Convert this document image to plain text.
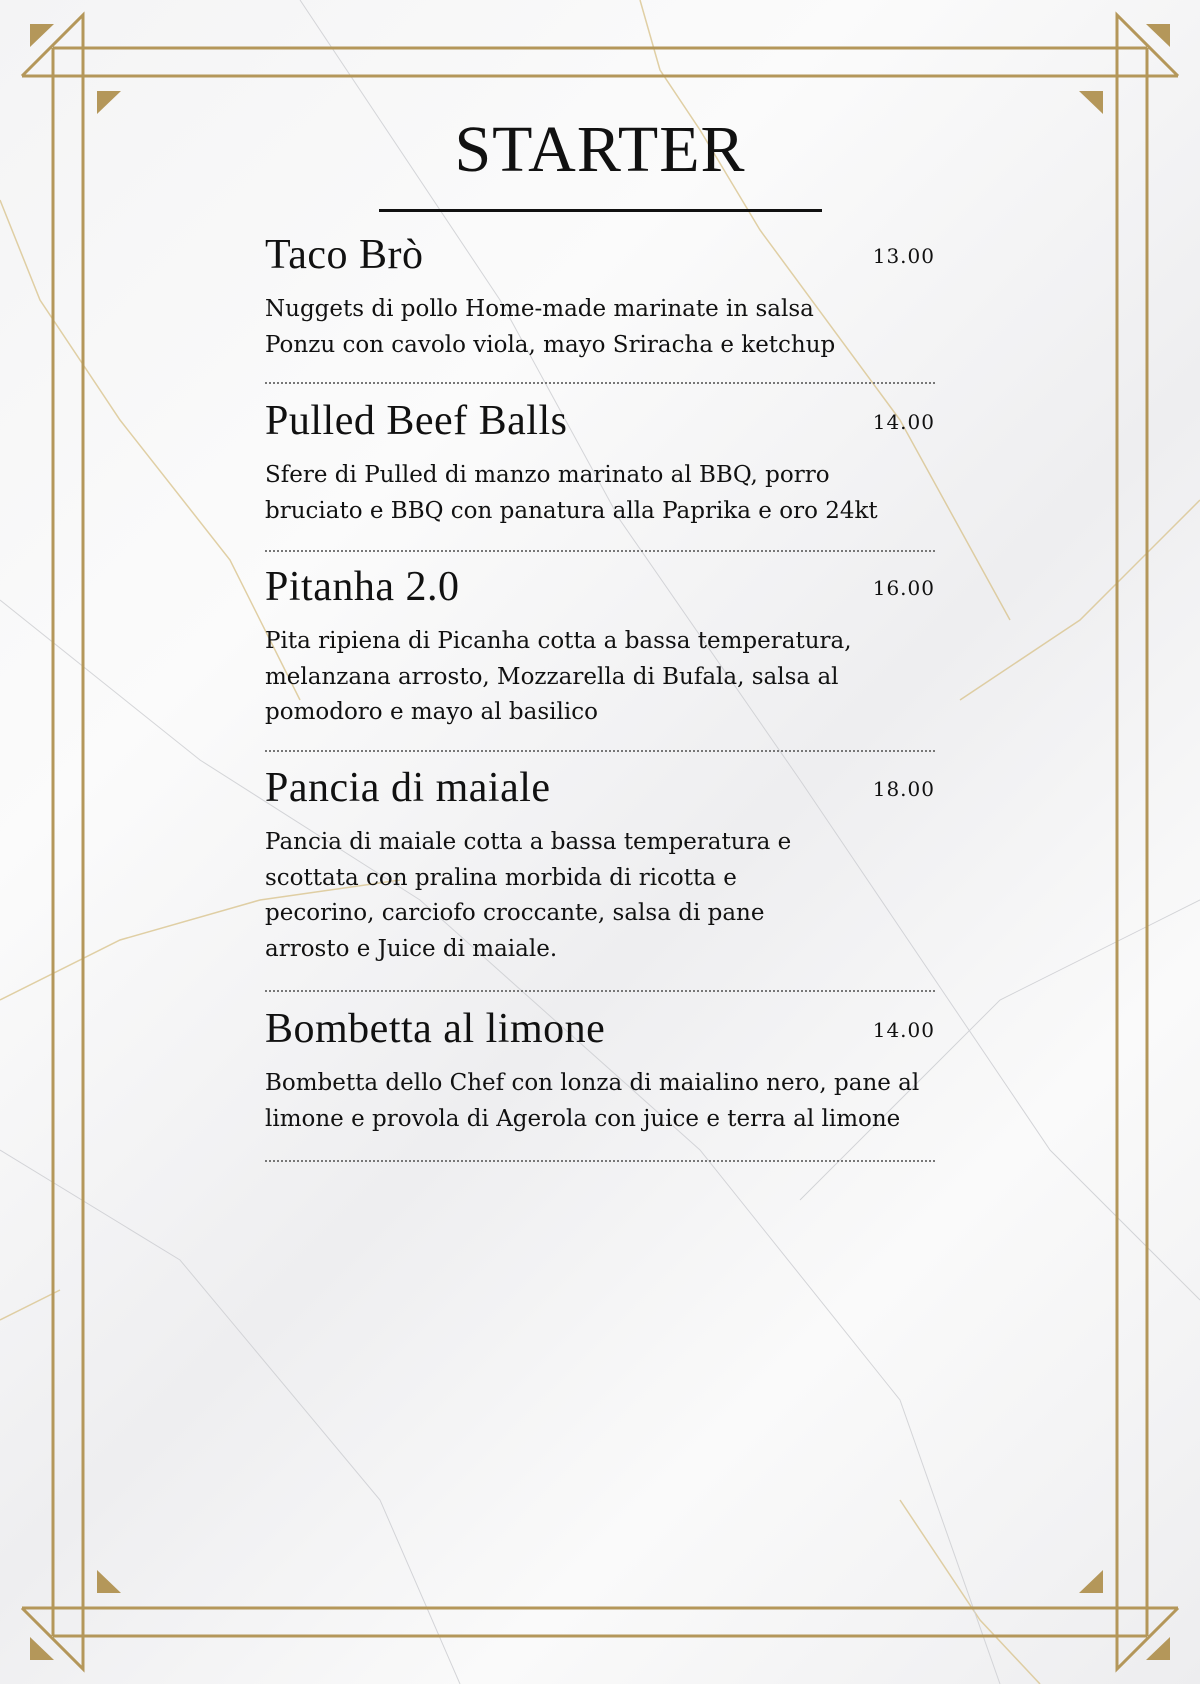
STARTER
Taco Brò	13.00
Nuggets di pollo Home-made marinate in salsa
Ponzu con cavolo viola, mayo Sriracha e ketchup
Pulled Beef Balls	14.00
Sfere di Pulled di manzo marinato al BBQ, porro
bruciato e BBQ con panatura alla Paprika e oro 24kt
Pitanha 2.0	16.00
Pita ripiena di Picanha cotta a bassa temperatura,
melanzana arrosto, Mozzarella di Bufala, salsa al
pomodoro e mayo al basilico
Pancia di maiale	18.00
Pancia di maiale cotta a bassa temperatura e
scottata con pralina morbida di ricotta e
pecorino, carciofo croccante, salsa di pane
arrosto e Juice di maiale.
Bombetta al limone	14.00
Bombetta dello Chef con lonza di maialino nero, pane al
limone e provola di Agerola con juice e terra al limone
